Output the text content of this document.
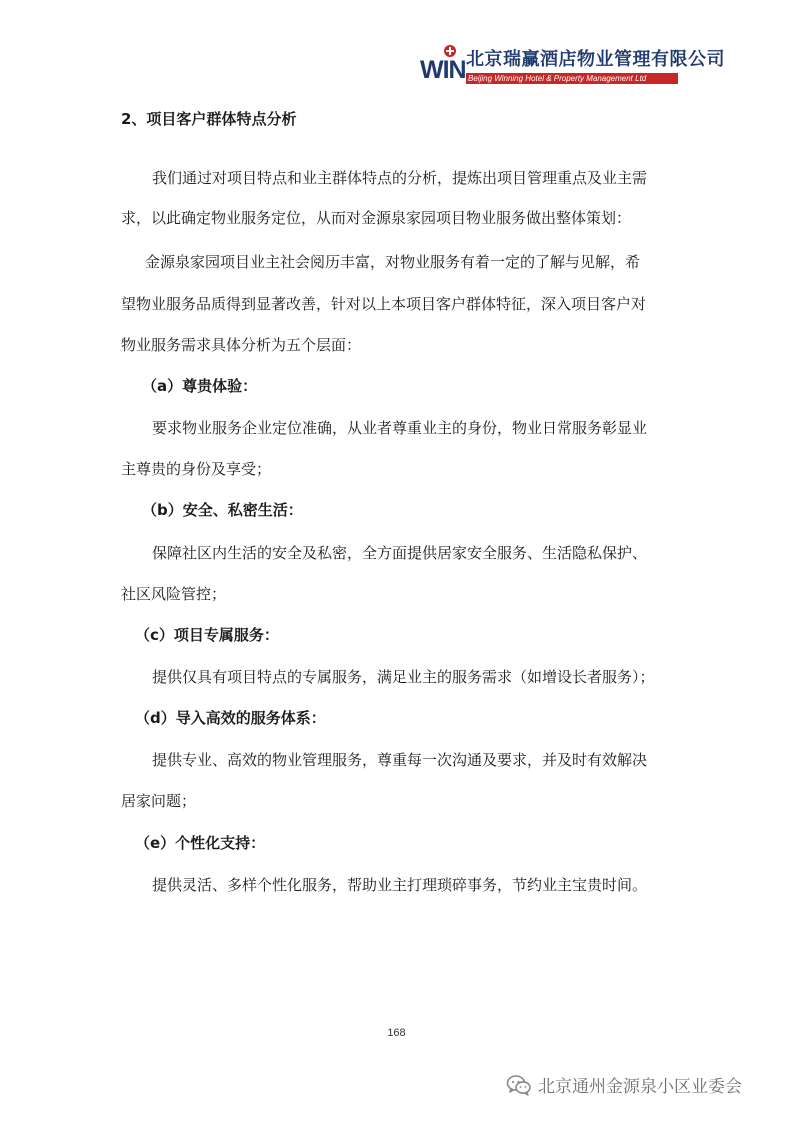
WIN 北京瑞赢酒店物业管理有限公司
Beijing Winning Hotel & Property Management Ltd
2、项目客户群体特点分析

我们通过对项目特点和业主群体特点的分析，提炼出项目管理重点及业主需

求，以此确定物业服务定位，从而对金源泉家园项目物业服务做出整体策划：

金源泉家园项目业主社会阅历丰富，对物业服务有着一定的了解与见解，希

望物业服务品质得到显著改善，针对以上本项目客户群体特征，深入项目客户对

物业服务需求具体分析为五个层面：

（a）尊贵体验：

要求物业服务企业定位准确，从业者尊重业主的身份，物业日常服务彰显业

主尊贵的身份及享受；

（b）安全、私密生活：

保障社区内生活的安全及私密，全方面提供居家安全服务、生活隐私保护、

社区风险管控；

（c）项目专属服务：

提供仅具有项目特点的专属服务，满足业主的服务需求（如增设长者服务）；

（d）导入高效的服务体系：

提供专业、高效的物业管理服务，尊重每一次沟通及要求，并及时有效解决

居家问题；

（e）个性化支持：

提供灵活、多样个性化服务，帮助业主打理琐碎事务，节约业主宝贵时间。

168
北京通州金源泉小区业委会
